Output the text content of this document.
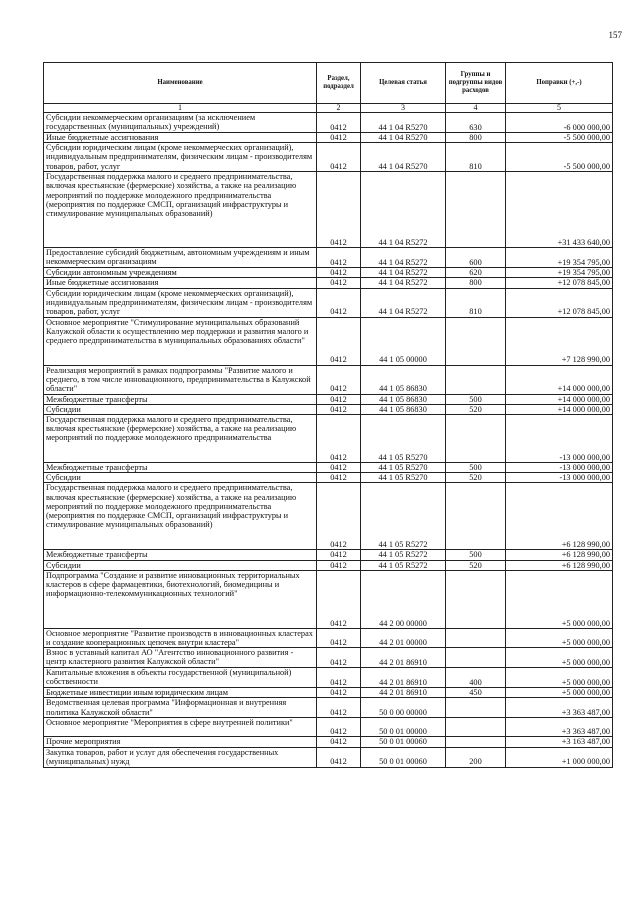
157
Наименование	Раздел, подраздел	Целевая статья	Группы и подгруппы видов расходов	Поправки (+,-)
1	2	3	4	5
Субсидии некоммерческим организациям (за исключением государственных (муниципальных) учреждений)	0412	44 1 04 R5270	630	-6 000 000,00
Иные бюджетные ассигнования	0412	44 1 04 R5270	800	-5 500 000,00
Субсидии юридическим лицам (кроме некоммерческих организаций), индивидуальным предпринимателям, физическим лицам - производителям товаров, работ, услуг	0412	44 1 04 R5270	810	-5 500 000,00
Государственная поддержка малого и среднего предпринимательства, включая крестьянские (фермерские) хозяйства, а также на реализацию мероприятий по поддержке молодежного предпринимательства (мероприятия по поддержке СМСП, организаций инфраструктуры и стимулирование муниципальных образований)	0412	44 1 04 R5272		+31 433 640,00
Предоставление субсидий бюджетным, автономным учреждениям и иным некоммерческим организациям	0412	44 1 04 R5272	600	+19 354 795,00
Субсидии автономным учреждениям	0412	44 1 04 R5272	620	+19 354 795,00
Иные бюджетные ассигнования	0412	44 1 04 R5272	800	+12 078 845,00
Субсидии юридическим лицам (кроме некоммерческих организаций), индивидуальным предпринимателям, физическим лицам - производителям товаров, работ, услуг	0412	44 1 04 R5272	810	+12 078 845,00
Основное мероприятие "Стимулирование муниципальных образований Калужской области к осуществлению мер поддержки и развития малого и среднего предпринимательства в муниципальных образованиях области"	0412	44 1 05 00000		+7 128 990,00
Реализация мероприятий в рамках подпрограммы "Развитие малого и среднего, в том числе инновационного, предпринимательства в Калужской области"	0412	44 1 05 86830		+14 000 000,00
Межбюджетные трансферты	0412	44 1 05 86830	500	+14 000 000,00
Субсидии	0412	44 1 05 86830	520	+14 000 000,00
Государственная поддержка малого и среднего предпринимательства, включая крестьянские (фермерские) хозяйства, а также на реализацию мероприятий по поддержке молодежного предпринимательства	0412	44 1 05 R5270		-13 000 000,00
Межбюджетные трансферты	0412	44 1 05 R5270	500	-13 000 000,00
Субсидии	0412	44 1 05 R5270	520	-13 000 000,00
Государственная поддержка малого и среднего предпринимательства, включая крестьянские (фермерские) хозяйства, а также на реализацию мероприятий по поддержке молодежного предпринимательства (мероприятия по поддержке СМСП, организаций инфраструктуры и стимулирование муниципальных образований)	0412	44 1 05 R5272		+6 128 990,00
Межбюджетные трансферты	0412	44 1 05 R5272	500	+6 128 990,00
Субсидии	0412	44 1 05 R5272	520	+6 128 990,00
Подпрограмма "Создание и развитие инновационных территориальных кластеров в сфере фармацевтики, биотехнологий, биомедицины и информационно-телекоммуникационных технологий"	0412	44 2 00 00000		+5 000 000,00
Основное мероприятие "Развитие производств в инновационных кластерах и создание кооперационных цепочек внутри кластера"	0412	44 2 01 00000		+5 000 000,00
Взнос в уставный капитал АО "Агентство инновационного развития - центр кластерного развития Калужской области"	0412	44 2 01 86910		+5 000 000,00
Капитальные вложения в объекты государственной (муниципальной) собственности	0412	44 2 01 86910	400	+5 000 000,00
Бюджетные инвестиции иным юридическим лицам	0412	44 2 01 86910	450	+5 000 000,00
Ведомственная целевая программа "Информационная и внутренняя политика Калужской области"	0412	50 0 00 00000		+3 363 487,00
Основное мероприятие "Мероприятия в сфере внутренней политики"	0412	50 0 01 00000		+3 363 487,00
Прочие мероприятия	0412	50 0 01 00060		+3 163 487,00
Закупка товаров, работ и услуг для обеспечения государственных (муниципальных) нужд	0412	50 0 01 00060	200	+1 000 000,00
